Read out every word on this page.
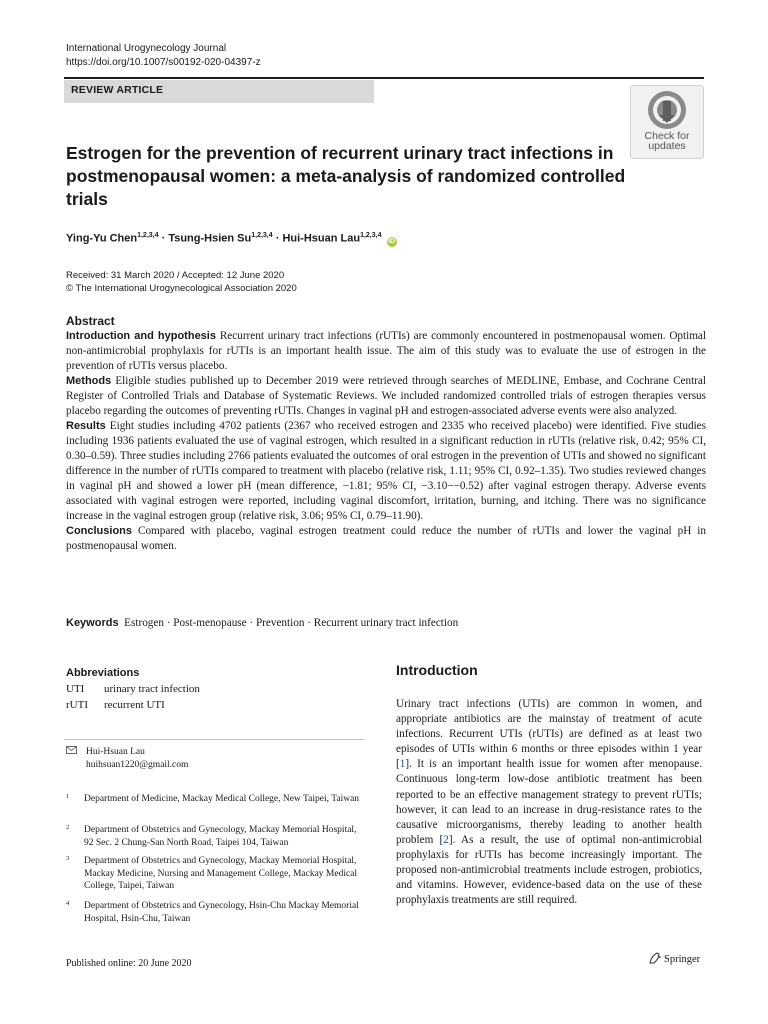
International Urogynecology Journal
https://doi.org/10.1007/s00192-020-04397-z
REVIEW ARTICLE
Check for
updates
Estrogen for the prevention of recurrent urinary tract infections in postmenopausal women: a meta-analysis of randomized controlled trials
Ying-Yu Chen$^{1,2,3,4}$ · Tsung-Hsien Su$^{1,2,3,4}$ · Hui-Hsuan Lau$^{1,2,3,4}$ iD
Received: 31 March 2020 / Accepted: 12 June 2020
© The International Urogynecological Association 2020
Abstract

Introduction and hypothesis Recurrent urinary tract infections (rUTIs) are commonly encountered in postmenopausal women. Optimal non-antimicrobial prophylaxis for rUTIs is an important health issue. The aim of this study was to evaluate the use of estrogen in the prevention of rUTIs versus placebo.

Methods Eligible studies published up to December 2019 were retrieved through searches of MEDLINE, Embase, and Cochrane Central Register of Controlled Trials and Database of Systematic Reviews. We included randomized controlled trials of estrogen therapies versus placebo regarding the outcomes of preventing rUTIs. Changes in vaginal pH and estrogen-associated adverse events were also analyzed.

Results Eight studies including 4702 patients (2367 who received estrogen and 2335 who received placebo) were identified. Five studies including 1936 patients evaluated the use of vaginal estrogen, which resulted in a significant reduction in rUTIs (relative risk, 0.42; 95% CI, 0.30–0.59). Three studies including 2766 patients evaluated the outcomes of oral estrogen in the prevention of UTIs and showed no significant difference in the number of rUTIs compared to treatment with placebo (relative risk, 1.11; 95% CI, 0.92–1.35). Two studies reviewed changes in vaginal pH and showed a lower pH (mean difference, −1.81; 95% CI, −3.10−−0.52) after vaginal estrogen therapy. Adverse events associated with vaginal estrogen were reported, including vaginal discomfort, irritation, burning, and itching. There was no significance increase in the vaginal estrogen group (relative risk, 3.06; 95% CI, 0.79–11.90).

Conclusions Compared with placebo, vaginal estrogen treatment could reduce the number of rUTIs and lower the vaginal pH in postmenopausal women.

Keywords Estrogen · Post-menopause · Prevention · Recurrent urinary tract infection
Abbreviations
UTI	urinary tract infection
rUTI	recurrent UTI
Hui-Hsuan Lau
huihsuan1220@gmail.com
1 Department of Medicine, Mackay Medical College, New Taipei, Taiwan
2 Department of Obstetrics and Gynecology, Mackay Memorial Hospital, 92 Sec. 2 Chung-San North Road, Taipei 104, Taiwan
3 Department of Obstetrics and Gynecology, Mackay Memorial Hospital, Mackay Medicine, Nursing and Management College, Mackay Medical College, Taipei, Taiwan
4 Department of Obstetrics and Gynecology, Hsin-Chu Mackay Memorial Hospital, Hsin-Chu, Taiwan
Introduction

Urinary tract infections (UTIs) are common in women, and appropriate antibiotics are the mainstay of treatment of acute infections. Recurrent UTIs (rUTIs) are defined as at least two episodes of UTIs within 6 months or three episodes within 1 year [1]. It is an important health issue for women after menopause. Continuous long-term low-dose antibiotic treatment has been reported to be an effective management strategy to prevent rUTIs; however, it can lead to an increase in drug-resistance rates to the causative microorganisms, thereby leading to another health problem [2]. As a result, the use of optimal non-antimicrobial prophylaxis for rUTIs has become increasingly important. The proposed non-antimicrobial treatments include estrogen, probiotics, and vitamins. However, evidence-based data on the use of these prophylaxis treatments are still required.

Published online: 20 June 2020	Springer
